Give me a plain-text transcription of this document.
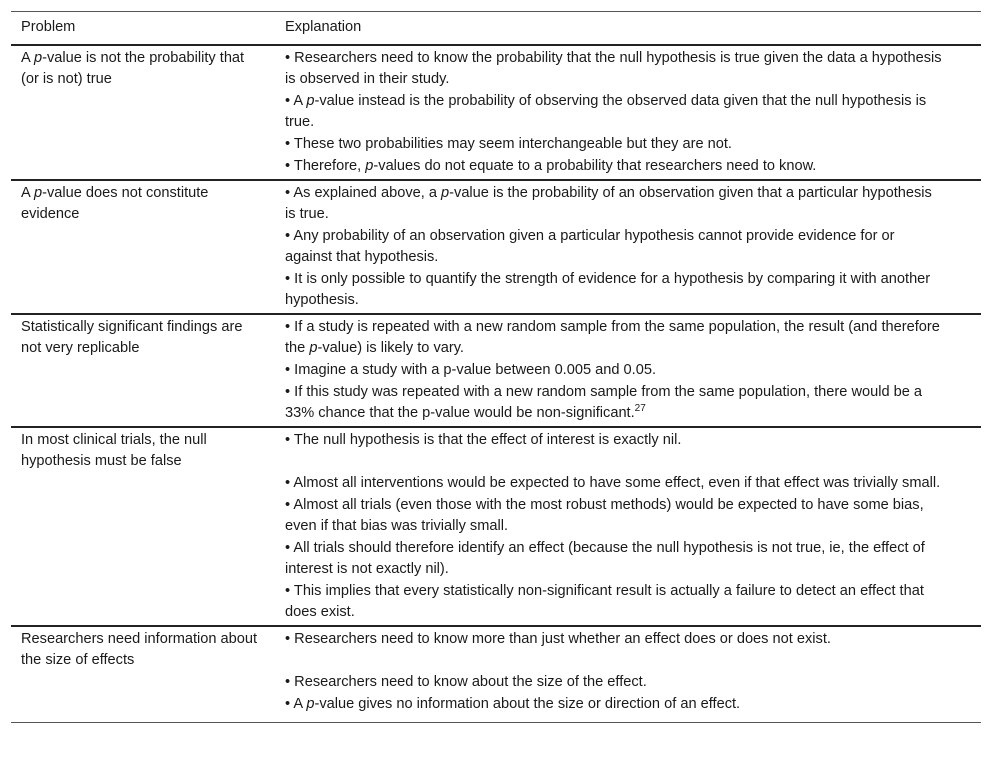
Problem	Explanation
A p-value is not the probability that (or is not) true	• Researchers need to know the probability that the null hypothesis is true given the data a hypothesis is observed in their study.
• A p-value instead is the probability of observing the observed data given that the null hypothesis is true.
• These two probabilities may seem interchangeable but they are not.
• Therefore, p-values do not equate to a probability that researchers need to know.

A p-value does not constitute evidence	• As explained above, a p-value is the probability of an observation given that a particular hypothesis is true.
• Any probability of an observation given a particular hypothesis cannot provide evidence for or against that hypothesis.
• It is only possible to quantify the strength of evidence for a hypothesis by comparing it with another hypothesis.

Statistically significant findings are not very replicable	• If a study is repeated with a new random sample from the same population, the result (and therefore the p-value) is likely to vary.
• Imagine a study with a p-value between 0.005 and 0.05.
• If this study was repeated with a new random sample from the same population, there would be a 33% chance that the p-value would be non-significant.$^{27}$

In most clinical trials, the null hypothesis must be false	• The null hypothesis is that the effect of interest is exactly nil.
• Almost all interventions would be expected to have some effect, even if that effect was trivially small.
• Almost all trials (even those with the most robust methods) would be expected to have some bias, even if that bias was trivially small.
• All trials should therefore identify an effect (because the null hypothesis is not true, ie, the effect of interest is not exactly nil).
• This implies that every statistically non-significant result is actually a failure to detect an effect that does exist.

Researchers need information about the size of effects	• Researchers need to know more than just whether an effect does or does not exist.
• Researchers need to know about the size of the effect.
• A p-value gives no information about the size or direction of an effect.
